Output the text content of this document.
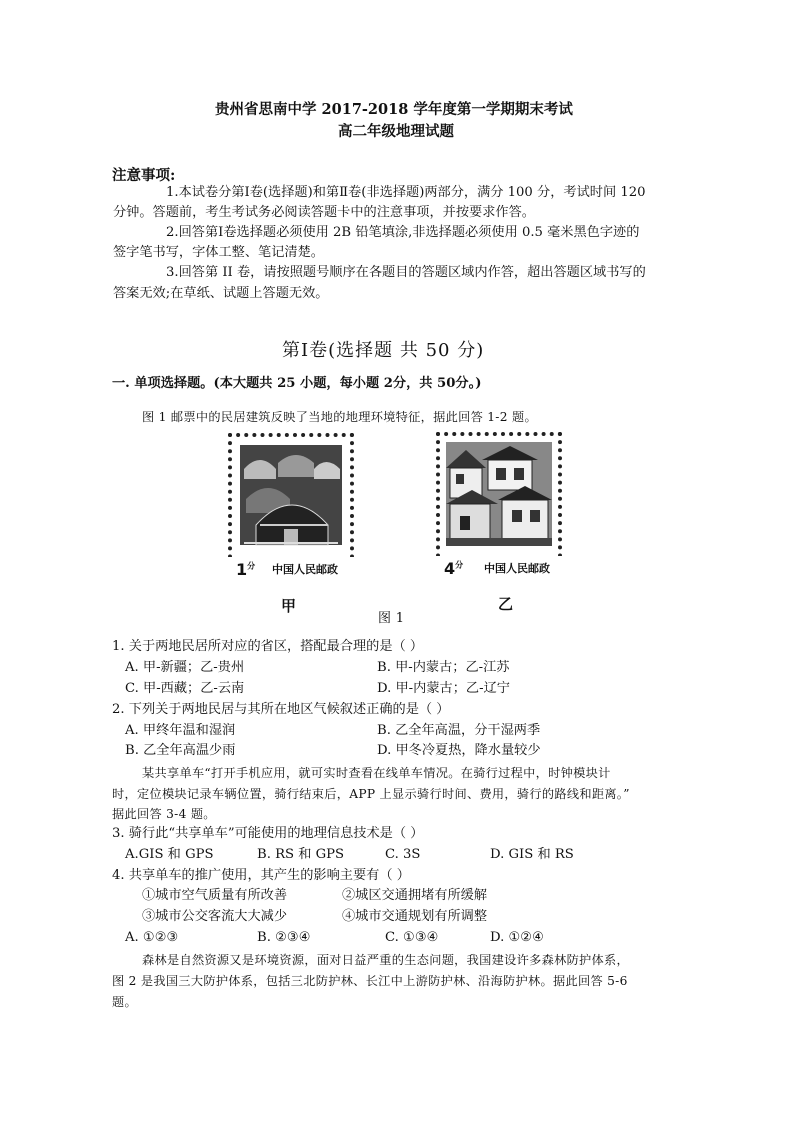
贵州省思南中学 2017-2018 学年度第一学期期末考试
高二年级地理试题
注意事项:
1.本试卷分第Ⅰ卷(选择题)和第Ⅱ卷(非选择题)两部分，满分 100 分，考试时间 120
分钟。答题前，考生考试务必阅读答题卡中的注意事项，并按要求作答。
2.回答第Ⅰ卷选择题必须使用 2B 铅笔填涂,非选择题必须使用 0.5 毫米黑色字迹的
签字笔书写，字体工整、笔记清楚。
3.回答第 II 卷，请按照题号顺序在各题目的答题区域内作答，超出答题区域书写的
答案无效;在草纸、试题上答题无效。
第Ⅰ卷(选择题 共 50 分)
一. 单项选择题。(本大题共 25 小题，每小题 2分，共 50分。)
图 1 邮票中的民居建筑反映了当地的地理环境特征，据此回答 1-2 题。
$1^分$ 中国人民邮政
甲
$4^分$ 中国人民邮政
乙
图 1
1. 关于两地民居所对应的省区，搭配最合理的是（ ）
A. 甲-新疆；乙-贵州	B. 甲-内蒙古；乙-江苏
C. 甲-西藏；乙-云南	D. 甲-内蒙古；乙-辽宁
2. 下列关于两地民居与其所在地区气候叙述正确的是（ ）
A. 甲终年温和湿润	B. 乙全年高温，分干湿两季
B. 乙全年高温少雨	D. 甲冬冷夏热，降水量较少
某共享单车“打开手机应用，就可实时查看在线单车情况。在骑行过程中，时钟模块计
时，定位模块记录车辆位置，骑行结束后，APP 上显示骑行时间、费用，骑行的路线和距离。”
据此回答 3-4 题。
3. 骑行此“共享单车”可能使用的地理信息技术是（ ）
A.GIS 和 GPS	B. RS 和 GPS	C. 3S	D. GIS 和 RS
4. 共享单车的推广使用，其产生的影响主要有（ ）
①城市空气质量有所改善	②城区交通拥堵有所缓解
③城市公交客流大大减少	④城市交通规划有所调整
A. ①②③	B. ②③④	C. ①③④	D. ①②④
森林是自然资源又是环境资源，面对日益严重的生态问题，我国建设许多森林防护体系，
图 2 是我国三大防护体系，包括三北防护林、长江中上游防护林、沿海防护林。据此回答 5-6
题。
